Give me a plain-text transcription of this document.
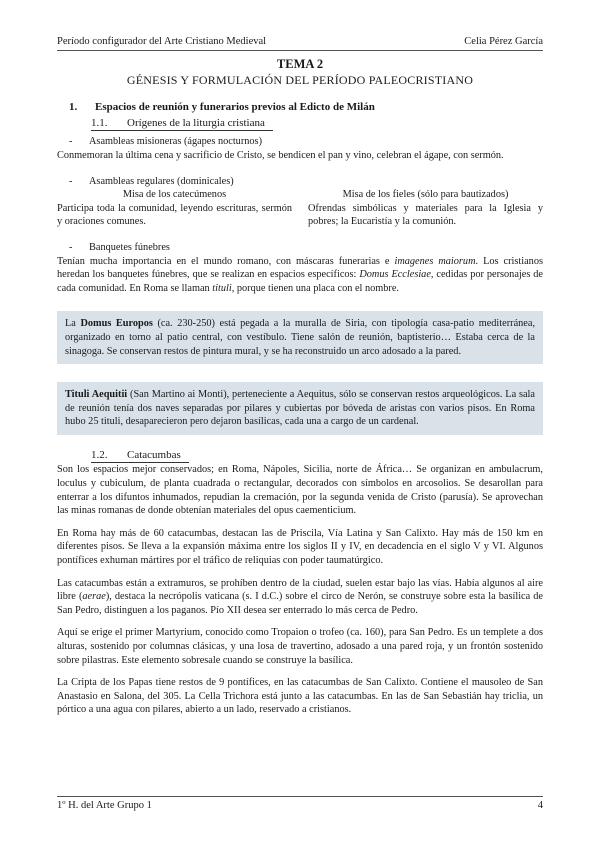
Período configurador del Arte Cristiano Medieval	Celia Pérez García
TEMA 2
GÉNESIS Y FORMULACIÓN DEL PERÍODO PALEOCRISTIANO
1. Espacios de reunión y funerarios previos al Edicto de Milán
1.1. Orígenes de la liturgia cristiana
- Asambleas misioneras (ágapes nocturnos)

Conmemoran la última cena y sacrificio de Cristo, se bendicen el pan y vino, celebran el ágape, con sermón.

- Asambleas regulares (dominicales)
Misa de los catecúmenos

Participa toda la comunidad, leyendo escrituras, sermón y oraciones comunes.

Misa de los fieles (sólo para bautizados)

Ofrendas simbólicas y materiales para la Iglesia y pobres; la Eucaristía y la comunión.

- Banquetes fúnebres

Tenían mucha importancia en el mundo romano, con máscaras funerarias e imagenes maiorum. Los cristianos heredan los banquetes fúnebres, que se realizan en espacios específicos: Domus Ecclesiae, cedidas por personajes de cada comunidad. En Roma se llaman tituli, porque tienen una placa con el nombre.

La Domus Europos (ca. 230-250) está pegada a la muralla de Siria, con tipología casa-patio mediterránea, organizado en torno al patio central, con vestíbulo. Tiene salón de reunión, baptisterio… Estaba cerca de la sinagoga. Se conservan restos de pintura mural, y se ha reconstruido un arco adosado a la pared.

Tituli Aequitii (San Martino ai Monti), perteneciente a Aequitus, sólo se conservan restos arqueológicos. La sala de reunión tenía dos naves separadas por pilares y cubiertas por bóveda de aristas con varios pisos. En Roma hubo 25 tituli, desaparecieron pero dejaron basílicas, cada una a cargo de un cardenal.

1.2. Catacumbas

Son los espacios mejor conservados; en Roma, Nápoles, Sicilia, norte de África… Se organizan en ambulacrum, loculus y cubiculum, de planta cuadrada o rectangular, decorados con símbolos en arcosolios. Se desarollan para enterrar a los difuntos inhumados, repudian la cremación, por la segunda venida de Cristo (parusía). Se aprovechan las minas romanas de donde obtenían materiales del opus caementicium.

En Roma hay más de 60 catacumbas, destacan las de Priscila, Vía Latina y San Calixto. Hay más de 150 km en diferentes pisos. Se lleva a la expansión máxima entre los siglos II y IV, en decadencia en el siglo V y VI. Algunos pontífices exhuman mártires por el tráfico de reliquias con poder taumatúrgico.

Las catacumbas están a extramuros, se prohíben dentro de la ciudad, suelen estar bajo las vías. Había algunos al aire libre (aerae), destaca la necrópolis vaticana (s. I d.C.) sobre el circo de Nerón, se construye sobre esta la basílica de San Pedro, distinguen a los paganos. Pío XII desea ser enterrado lo más cerca de Pedro.

Aquí se erige el primer Martyrium, conocido como Tropaion o trofeo (ca. 160), para San Pedro. Es un templete a dos alturas, sostenido por columnas clásicas, y una losa de travertino, adosado a una pared roja, y un frontón sostenido sobre pilastras. Este elemento sobresale cuando se construye la basílica.

La Cripta de los Papas tiene restos de 9 pontífices, en las catacumbas de San Calixto. Contiene el mausoleo de San Anastasio en Salona, del 305. La Cella Trichora está junto a las catacumbas. En las de San Sebastián hay triclia, un pórtico a una agua con pilares, abierto a un lado, reservado a cristianos.

1º H. del Arte Grupo 1	4
